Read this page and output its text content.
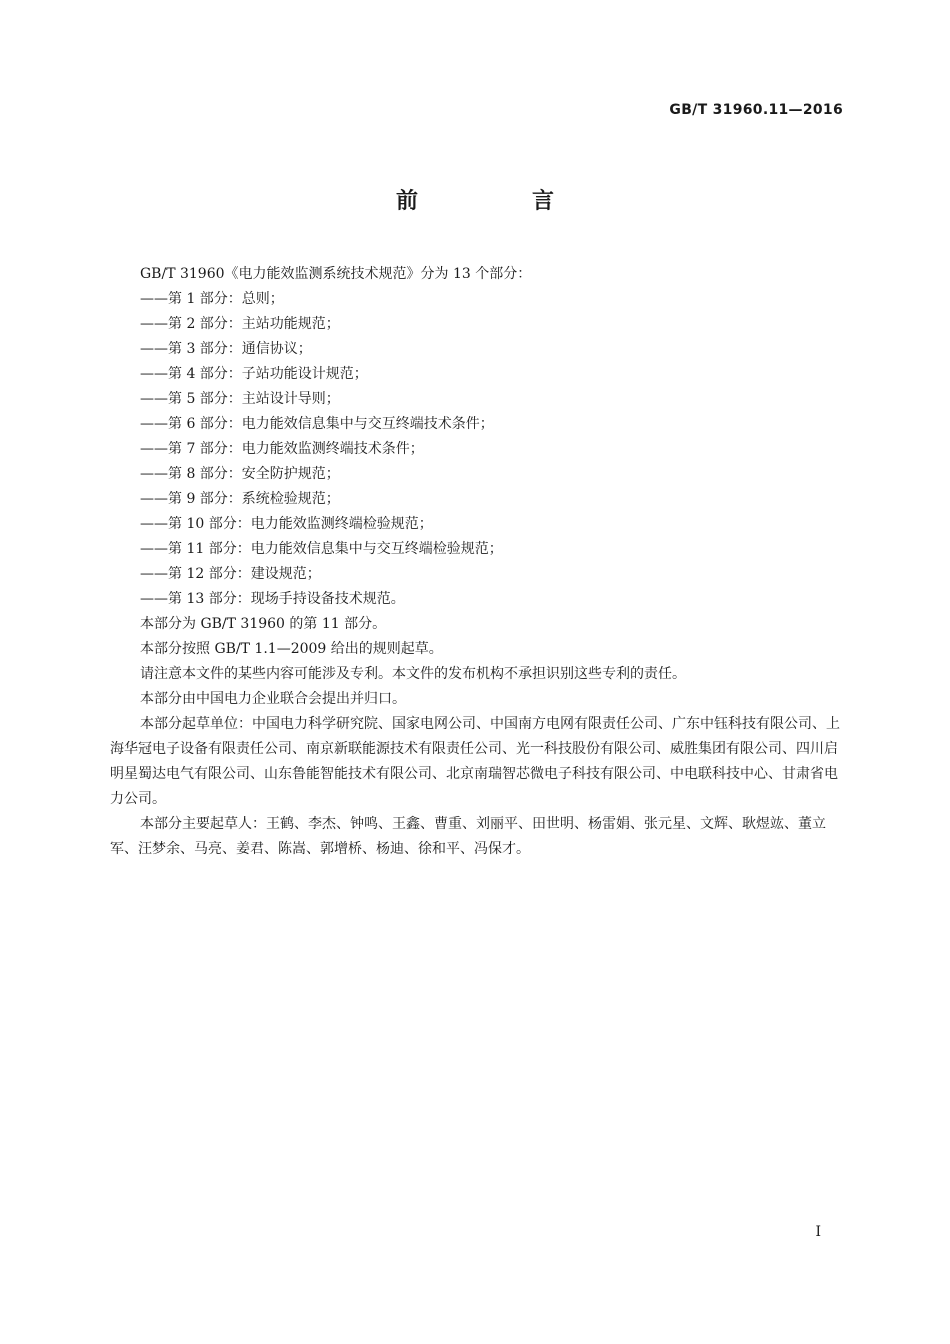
GB/T 31960.11—2016
前　言

GB/T 31960《电力能效监测系统技术规范》分为 13 个部分：

——第 1 部分：总则；

——第 2 部分：主站功能规范；

——第 3 部分：通信协议；

——第 4 部分：子站功能设计规范；

——第 5 部分：主站设计导则；

——第 6 部分：电力能效信息集中与交互终端技术条件；

——第 7 部分：电力能效监测终端技术条件；

——第 8 部分：安全防护规范；

——第 9 部分：系统检验规范；

——第 10 部分：电力能效监测终端检验规范；

——第 11 部分：电力能效信息集中与交互终端检验规范；

——第 12 部分：建设规范；

——第 13 部分：现场手持设备技术规范。

本部分为 GB/T 31960 的第 11 部分。

本部分按照 GB/T 1.1—2009 给出的规则起草。

请注意本文件的某些内容可能涉及专利。本文件的发布机构不承担识别这些专利的责任。

本部分由中国电力企业联合会提出并归口。

本部分起草单位：中国电力科学研究院、国家电网公司、中国南方电网有限责任公司、广东中钰科技有限公司、上海华冠电子设备有限责任公司、南京新联能源技术有限责任公司、光一科技股份有限公司、威胜集团有限公司、四川启明星蜀达电气有限公司、山东鲁能智能技术有限公司、北京南瑞智芯微电子科技有限公司、中电联科技中心、甘肃省电力公司。

本部分主要起草人：王鹤、李杰、钟鸣、王鑫、曹重、刘丽平、田世明、杨雷娟、张元星、文辉、耿煜竑、董立军、汪梦余、马亮、姜君、陈嵩、郭增桥、杨迪、徐和平、冯保才。

I
